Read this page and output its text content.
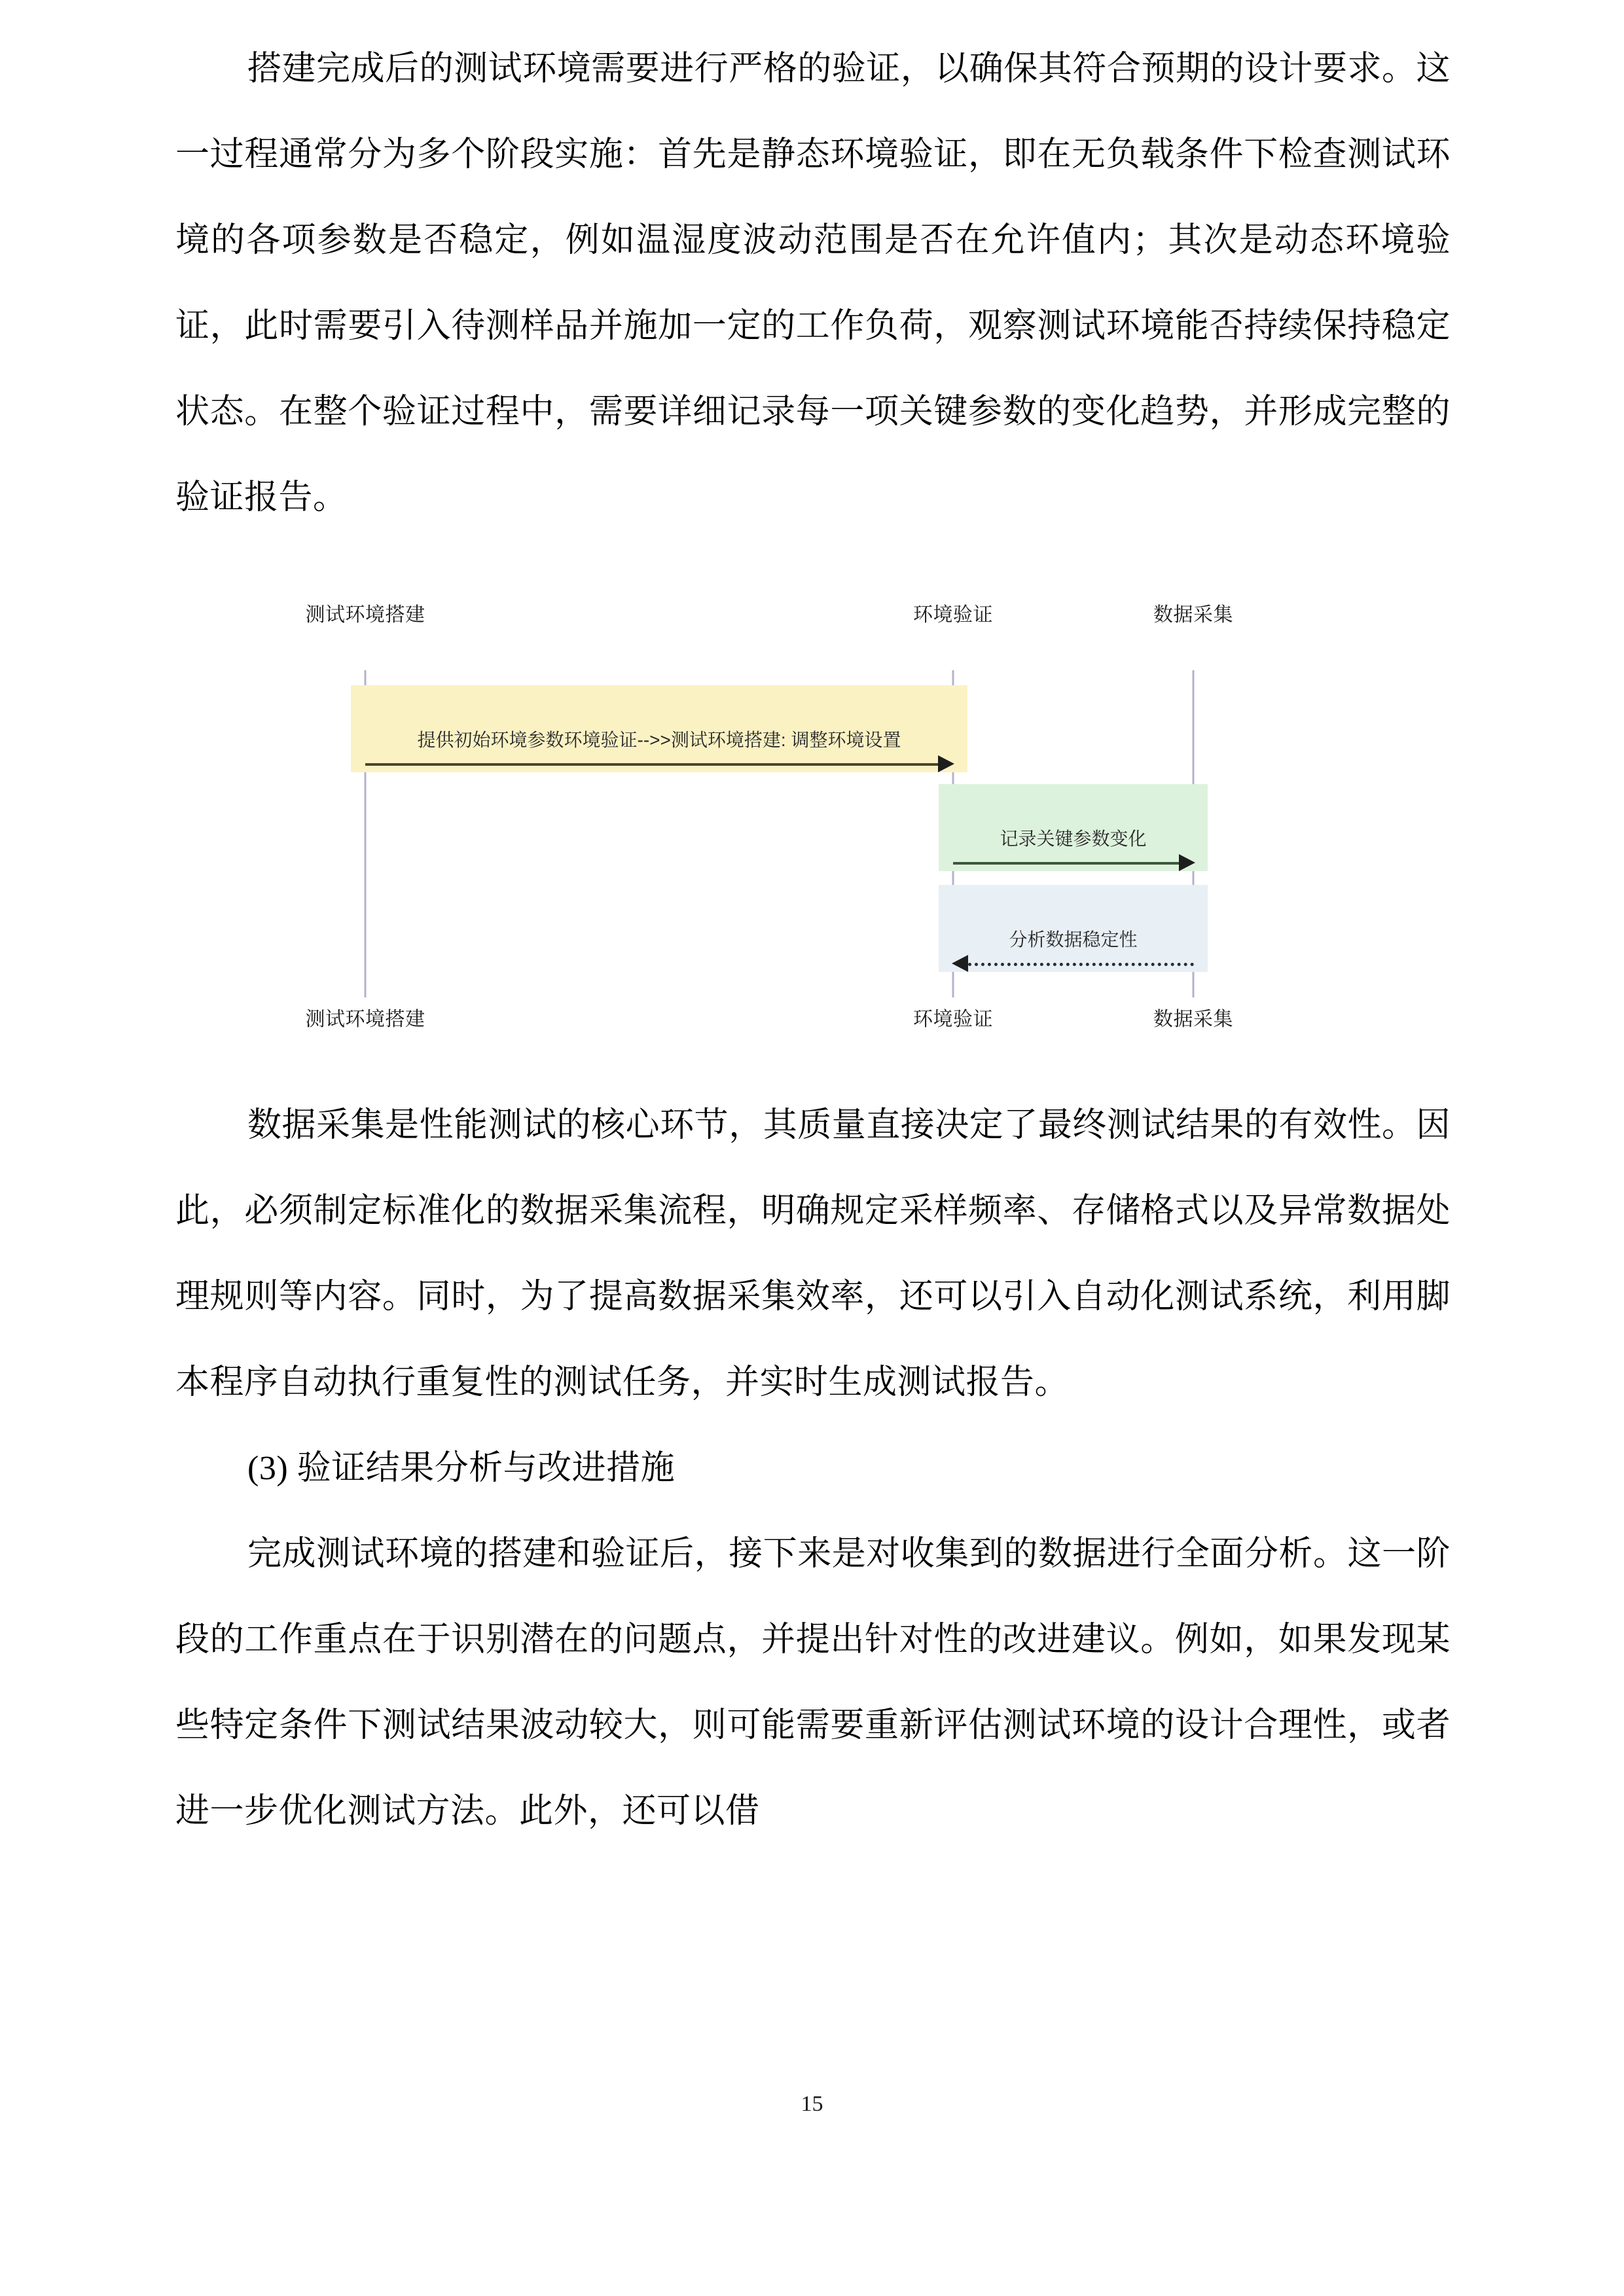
搭建完成后的测试环境需要进行严格的验证，以确保其符合预期的设计要求。这一过程通常分为多个阶段实施：首先是静态环境验证，即在无负载条件下检查测试环境的各项参数是否稳定，例如温湿度波动范围是否在允许值内；其次是动态环境验证，此时需要引入待测样品并施加一定的工作负荷，观察测试环境能否持续保持稳定状态。在整个验证过程中，需要详细记录每一项关键参数的变化趋势，并形成完整的验证报告。

测试环境搭建	环境验证	数据采集
提供初始环境参数环境验证-->>测试环境搭建: 调整环境设置
记录关键参数变化
分析数据稳定性
测试环境搭建	环境验证	数据采集

数据采集是性能测试的核心环节，其质量直接决定了最终测试结果的有效性。因此，必须制定标准化的数据采集流程，明确规定采样频率、存储格式以及异常数据处理规则等内容。同时，为了提高数据采集效率，还可以引入自动化测试系统，利用脚本程序自动执行重复性的测试任务，并实时生成测试报告。

(3) 验证结果分析与改进措施

完成测试环境的搭建和验证后，接下来是对收集到的数据进行全面分析。这一阶段的工作重点在于识别潜在的问题点，并提出针对性的改进建议。例如，如果发现某些特定条件下测试结果波动较大，则可能需要重新评估测试环境的设计合理性，或者进一步优化测试方法。此外，还可以借

15
